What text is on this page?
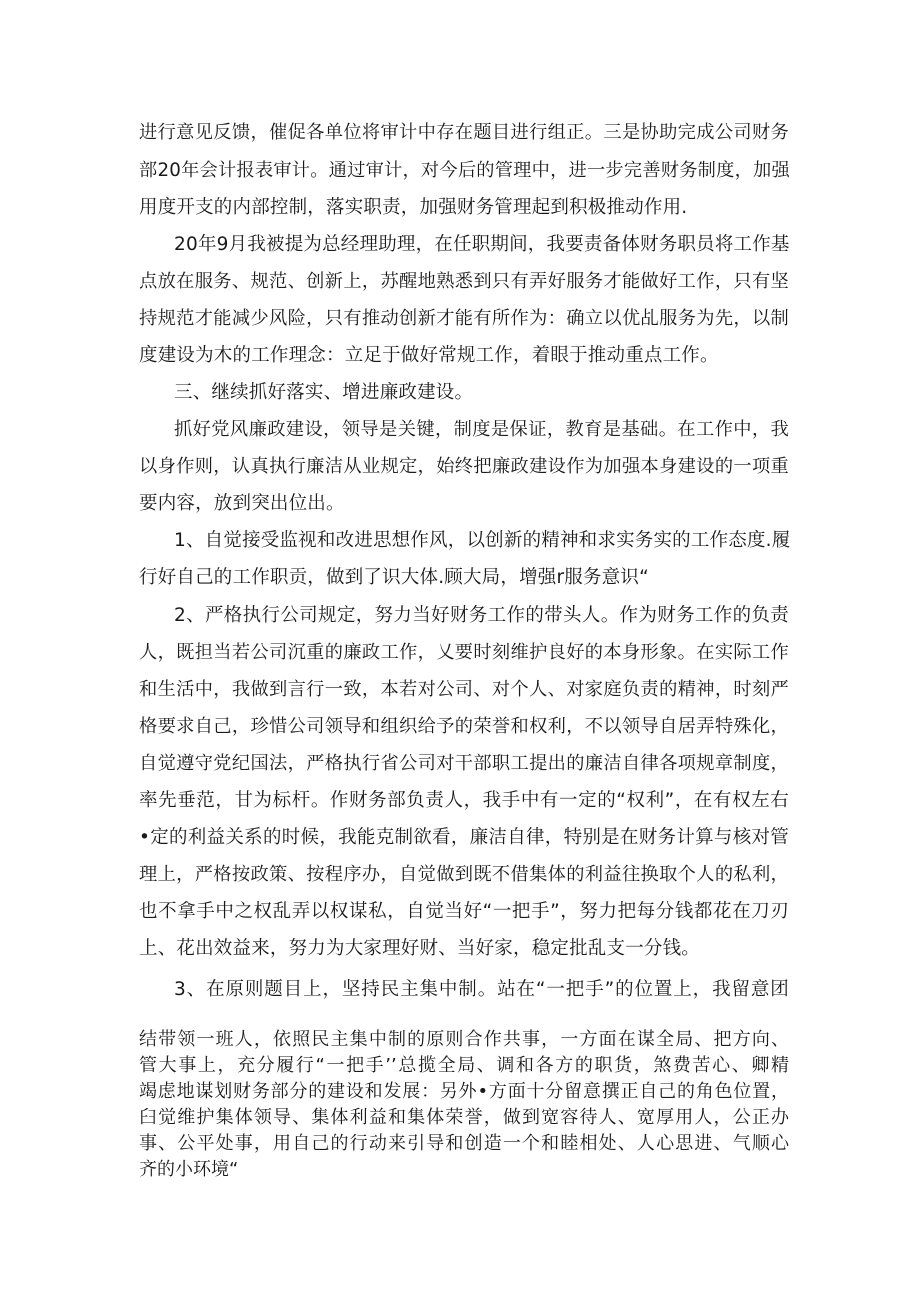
进行意见反馈，催促各单位将审计中存在题目进行组正。三是协助完成公司财务
部20年会计报表审计。通过审计，对今后的管理中，进一步完善财务制度，加强
用度开支的内部控制，落实职责，加强财务管理起到积极推动作用.
20年9月我被提为总经理助理，在任职期间，我要责备体财务职员将工作基
点放在服务、规范、创新上，苏醒地熟悉到只有弄好服务才能做好工作，只有坚
持规范才能减少风险，只有推动创新才能有所作为：确立以优乩服务为先，以制
度建设为木的工作理念：立足于做好常规工作，着眼于推动重点工作。
三、继续抓好落实、增进廉政建设。
抓好党风廉政建设，领导是关键，制度是保证，教育是基础。在工作中，我
以身作则，认真执行廉洁从业规定，始终把廉政建设作为加强本身建设的一项重
要内容，放到突出位出。
1、自觉接受监视和改进思想作风，以创新的精神和求实务实的工作态度.履
行好自己的工作职贡，做到了识大体.顾大局，增强r服务意识“
2、严格执行公司规定，努力当好财务工作的带头人。作为财务工作的负责
人，既担当若公司沉重的廉政工作，乂要时刻维护良好的本身形象。在实际工作
和生活中，我做到言行一致，本若对公司、对个人、对家庭负责的精神，时刻严
格要求自己，珍惜公司领导和组织给予的荣誉和权利，不以领导自居弄特殊化，
自觉遵守党纪国法，严格执行省公司对干部职工提出的廉洁自律各项规章制度，
率先垂范，甘为标杆。作财务部负责人，我手中有一定的“权利”，在有权左右
•定的利益关系的时候，我能克制欲看，廉洁自律，特别是在财务计算与核对管
理上，严格按政策、按程序办，自觉做到既不借集体的利益往换取个人的私利，
也不拿手中之权乱弄以权谋私，自觉当好“一把手”，努力把每分钱都花在刀刃
上、花出效益来，努力为大家理好财、当好家，稳定批乱支一分钱。
3、在原则题目上，坚持民主集中制。站在“一把手”的位置上，我留意团
结带领一班人，依照民主集中制的原则合作共事，一方面在谋全局、把方向、
管大事上，充分履行“一把手’’总揽全局、调和各方的职货，煞费苦心、卿精
竭虑地谋划财务部分的建设和发展：另外•方面十分留意撰正自己的角色位置，
臼觉维护集体领导、集体利益和集体荣誉，做到宽容待人、宽厚用人，公正办
事、公平处事，用自己的行动来引导和创造一个和睦相处、人心思进、气顺心
齐的小环境“
